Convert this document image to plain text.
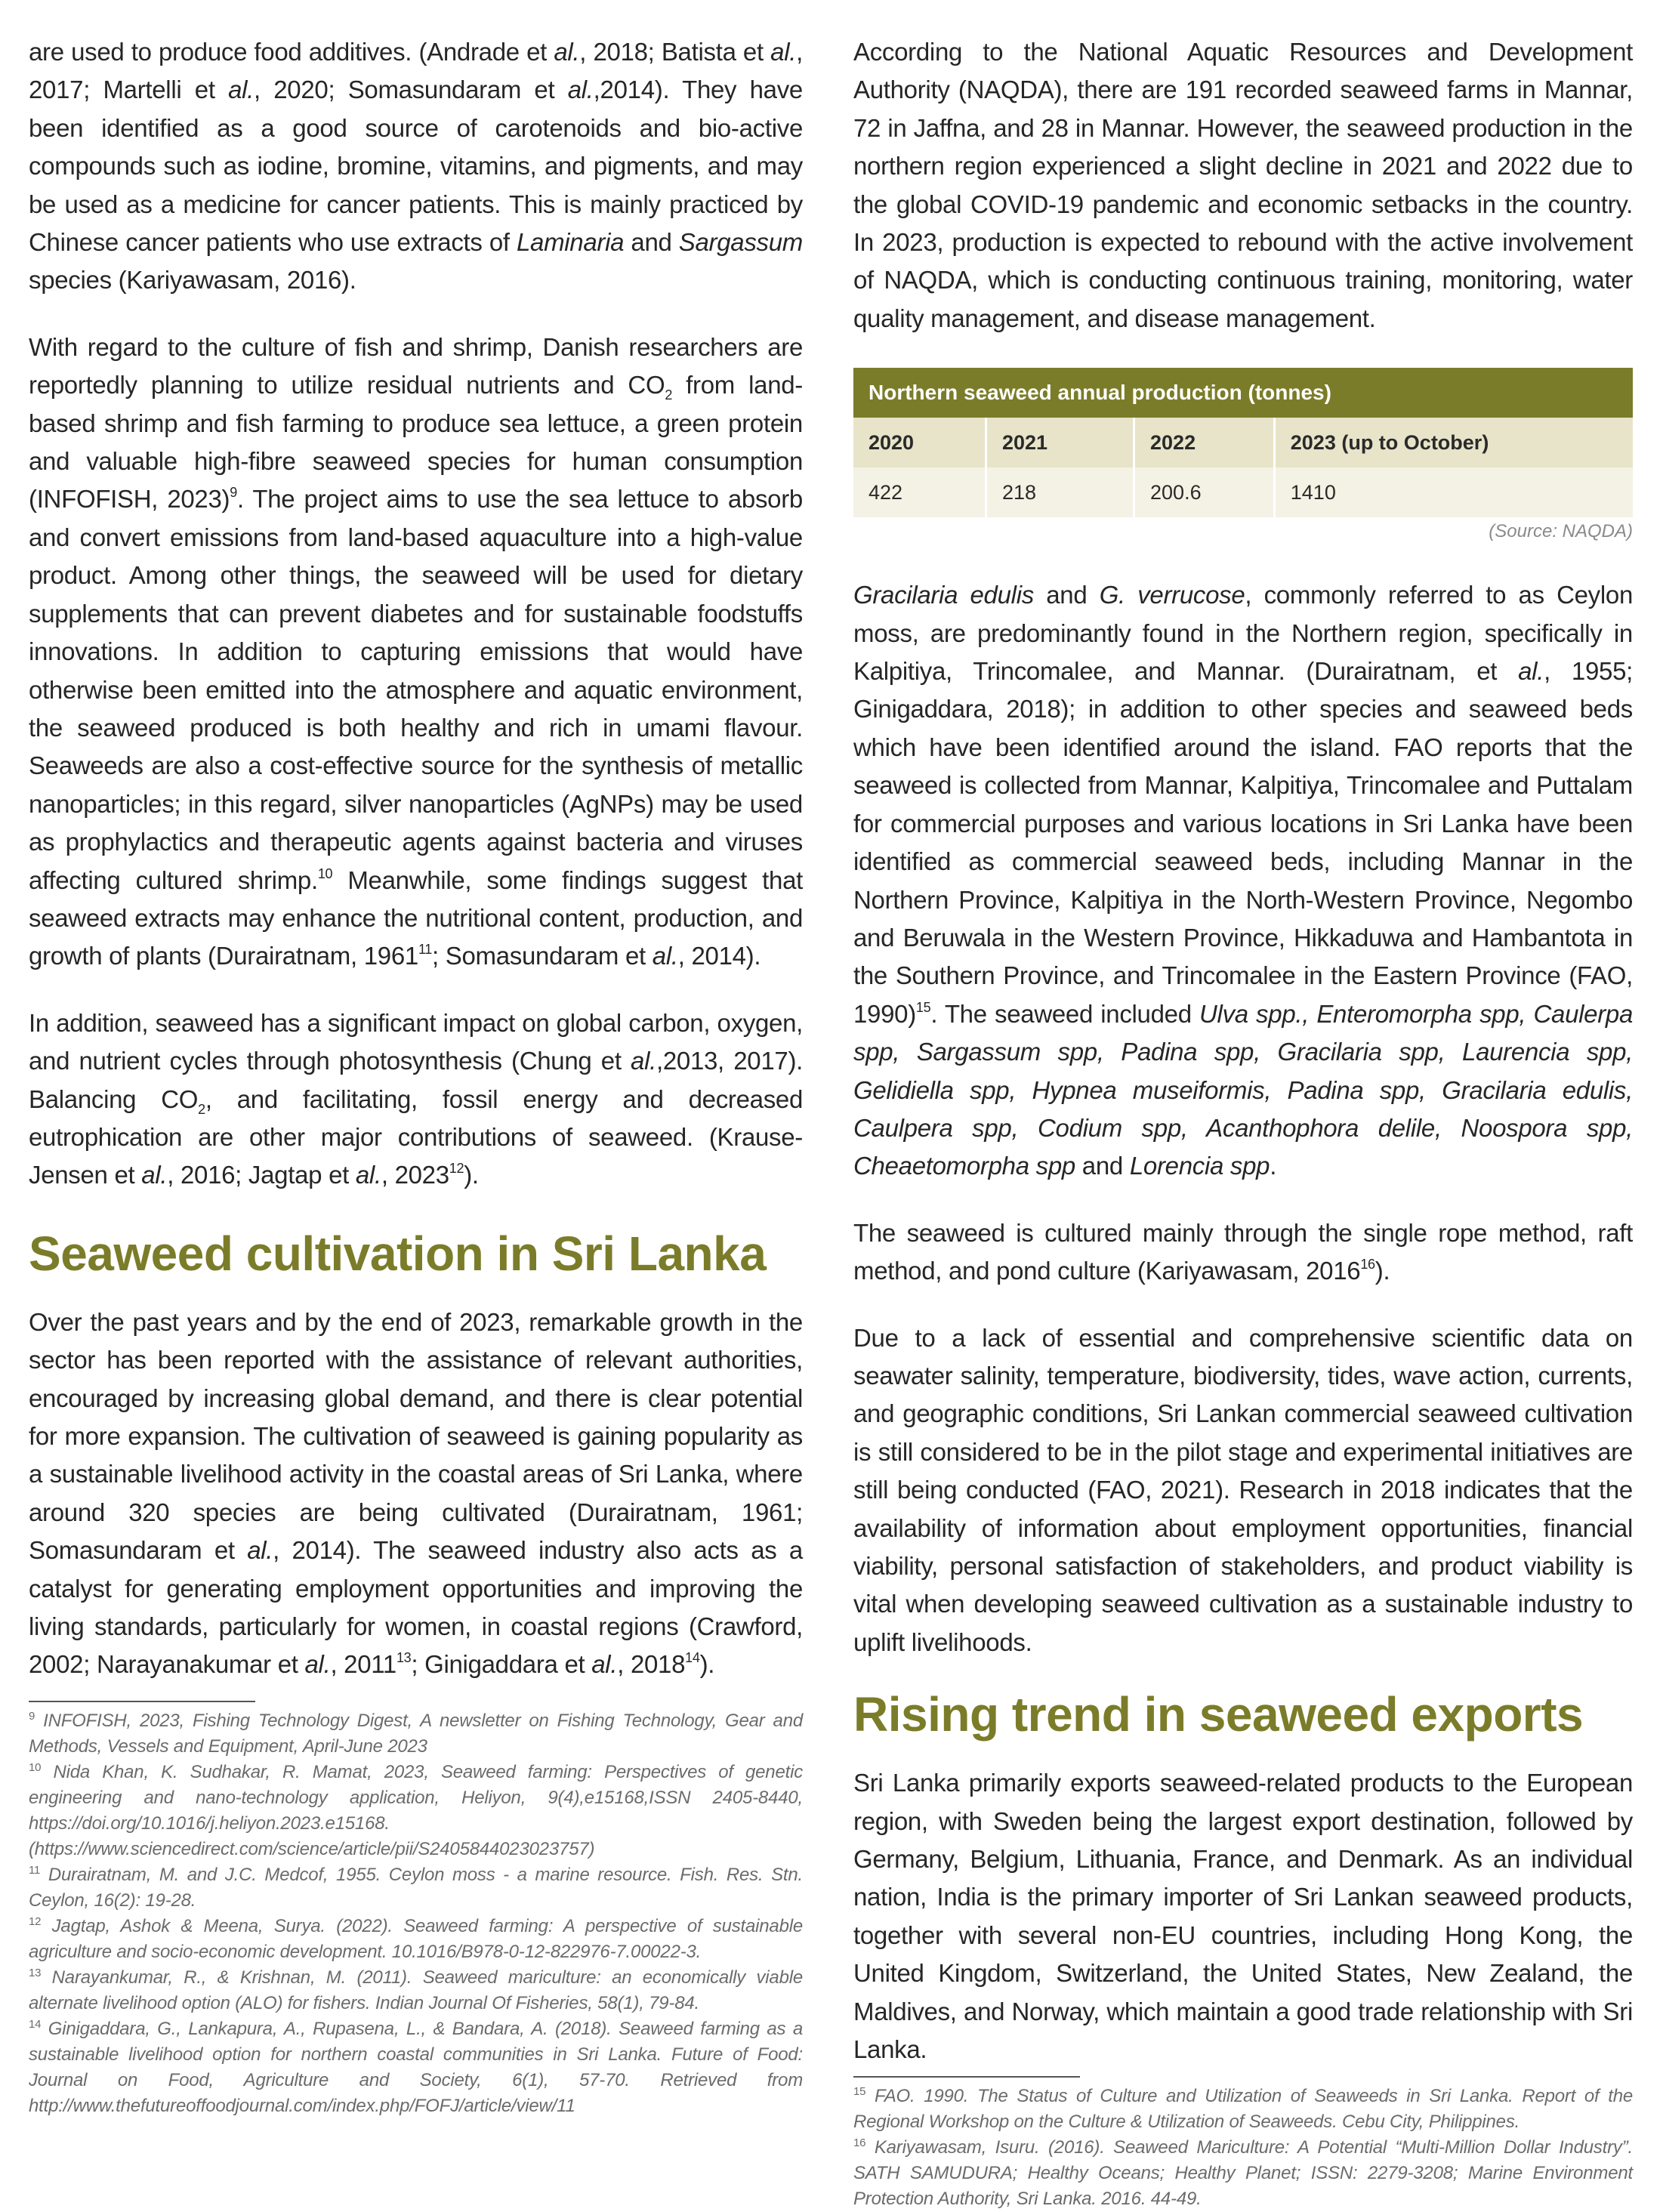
are used to produce food additives. (Andrade et al., 2018; Batista et al., 2017; Martelli et al., 2020; Somasundaram et al.,2014). They have been identified as a good source of carotenoids and bio-active compounds such as iodine, bromine, vitamins, and pigments, and may be used as a medicine for cancer patients. This is mainly practiced by Chinese cancer patients who use extracts of Laminaria and Sargassum species (Kariyawasam, 2016).

With regard to the culture of fish and shrimp, Danish researchers are reportedly planning to utilize residual nutrients and $CO_2$ from land-based shrimp and fish farming to produce sea lettuce, a green protein and valuable high-fibre seaweed species for human consumption (INFOFISH, 2023)$^9$. The project aims to use the sea lettuce to absorb and convert emissions from land-based aquaculture into a high-value product. Among other things, the seaweed will be used for dietary supplements that can prevent diabetes and for sustainable foodstuffs innovations. In addition to capturing emissions that would have otherwise been emitted into the atmosphere and aquatic environment, the seaweed produced is both healthy and rich in umami flavour. Seaweeds are also a cost-effective source for the synthesis of metallic nanoparticles; in this regard, silver nanoparticles (AgNPs) may be used as prophylactics and therapeutic agents against bacteria and viruses affecting cultured shrimp.$^{10}$ Meanwhile, some findings suggest that seaweed extracts may enhance the nutritional content, production, and growth of plants (Durairatnam, 1961$^{11}$; Somasundaram et al., 2014).

In addition, seaweed has a significant impact on global carbon, oxygen, and nutrient cycles through photosynthesis (Chung et al.,2013, 2017). Balancing $CO_2$, and facilitating, fossil energy and decreased eutrophication are other major contributions of seaweed. (Krause-Jensen et al., 2016; Jagtap et al., 2023$^{12}$).

Seaweed cultivation in Sri Lanka

Over the past years and by the end of 2023, remarkable growth in the sector has been reported with the assistance of relevant authorities, encouraged by increasing global demand, and there is clear potential for more expansion. The cultivation of seaweed is gaining popularity as a sustainable livelihood activity in the coastal areas of Sri Lanka, where around 320 species are being cultivated (Durairatnam, 1961; Somasundaram et al., 2014). The seaweed industry also acts as a catalyst for generating employment opportunities and improving the living standards, particularly for women, in coastal regions (Crawford, 2002; Narayanakumar et al., 2011$^{13}$; Ginigaddara et al., 2018$^{14}$).

$^9$ INFOFISH, 2023, Fishing Technology Digest, A newsletter on Fishing Technology, Gear and Methods, Vessels and Equipment, April-June 2023

$^{10}$ Nida Khan, K. Sudhakar, R. Mamat, 2023, Seaweed farming: Perspectives of genetic engineering and nano-technology application, Heliyon, 9(4),e15168,ISSN 2405-8440, https://doi.org/10.1016/j.heliyon.2023.e15168. (https://www.sciencedirect.com/science/article/pii/S2405844023023757)

$^{11}$ Durairatnam, M. and J.C. Medcof, 1955. Ceylon moss - a marine resource. Fish. Res. Stn. Ceylon, 16(2): 19-28.

$^{12}$ Jagtap, Ashok & Meena, Surya. (2022). Seaweed farming: A perspective of sustainable agriculture and socio-economic development. 10.1016/B978-0-12-822976-7.00022-3.

$^{13}$ Narayankumar, R., & Krishnan, M. (2011). Seaweed mariculture: an economically viable alternate livelihood option (ALO) for fishers. Indian Journal Of Fisheries, 58(1), 79-84.

$^{14}$ Ginigaddara, G., Lankapura, A., Rupasena, L., & Bandara, A. (2018). Seaweed farming as a sustainable livelihood option for northern coastal communities in Sri Lanka. Future of Food: Journal on Food, Agriculture and Society, 6(1), 57-70. Retrieved from http://www.thefutureoffoodjournal.com/index.php/FOFJ/article/view/11

According to the National Aquatic Resources and Development Authority (NAQDA), there are 191 recorded seaweed farms in Mannar, 72 in Jaffna, and 28 in Mannar. However, the seaweed production in the northern region experienced a slight decline in 2021 and 2022 due to the global COVID-19 pandemic and economic setbacks in the country. In 2023, production is expected to rebound with the active involvement of NAQDA, which is conducting continuous training, monitoring, water quality management, and disease management.

Northern seaweed annual production (tonnes)			
2020	2021	2022	2023 (up to October)
422	218	200.6	1410
(Source: NAQDA)

Gracilaria edulis and G. verrucose, commonly referred to as Ceylon moss, are predominantly found in the Northern region, specifically in Kalpitiya, Trincomalee, and Mannar. (Durairatnam, et al., 1955; Ginigaddara, 2018); in addition to other species and seaweed beds which have been identified around the island. FAO reports that the seaweed is collected from Mannar, Kalpitiya, Trincomalee and Puttalam for commercial purposes and various locations in Sri Lanka have been identified as commercial seaweed beds, including Mannar in the Northern Province, Kalpitiya in the North-Western Province, Negombo and Beruwala in the Western Province, Hikkaduwa and Hambantota in the Southern Province, and Trincomalee in the Eastern Province (FAO, 1990)$^{15}$. The seaweed included Ulva spp., Enteromorpha spp, Caulerpa spp, Sargassum spp, Padina spp, Gracilaria spp, Laurencia spp, Gelidiella spp, Hypnea museiformis, Padina spp, Gracilaria edulis, Caulpera spp, Codium spp, Acanthophora delile, Noospora spp, Cheaetomorpha spp and Lorencia spp.

The seaweed is cultured mainly through the single rope method, raft method, and pond culture (Kariyawasam, 2016$^{16}$).

Due to a lack of essential and comprehensive scientific data on seawater salinity, temperature, biodiversity, tides, wave action, currents, and geographic conditions, Sri Lankan commercial seaweed cultivation is still considered to be in the pilot stage and experimental initiatives are still being conducted (FAO, 2021). Research in 2018 indicates that the availability of information about employment opportunities, financial viability, personal satisfaction of stakeholders, and product viability is vital when developing seaweed cultivation as a sustainable industry to uplift livelihoods.

Rising trend in seaweed exports

Sri Lanka primarily exports seaweed-related products to the European region, with Sweden being the largest export destination, followed by Germany, Belgium, Lithuania, France, and Denmark. As an individual nation, India is the primary importer of Sri Lankan seaweed products, together with several non-EU countries, including Hong Kong, the United Kingdom, Switzerland, the United States, New Zealand, the Maldives, and Norway, which maintain a good trade relationship with Sri Lanka.

$^{15}$ FAO. 1990. The Status of Culture and Utilization of Seaweeds in Sri Lanka. Report of the Regional Workshop on the Culture & Utilization of Seaweeds. Cebu City, Philippines.

$^{16}$ Kariyawasam, Isuru. (2016). Seaweed Mariculture: A Potential “Multi-Million Dollar Industry”. SATH SAMUDURA; Healthy Oceans; Healthy Planet; ISSN: 2279-3208; Marine Environment Protection Authority, Sri Lanka. 2016. 44-49.
